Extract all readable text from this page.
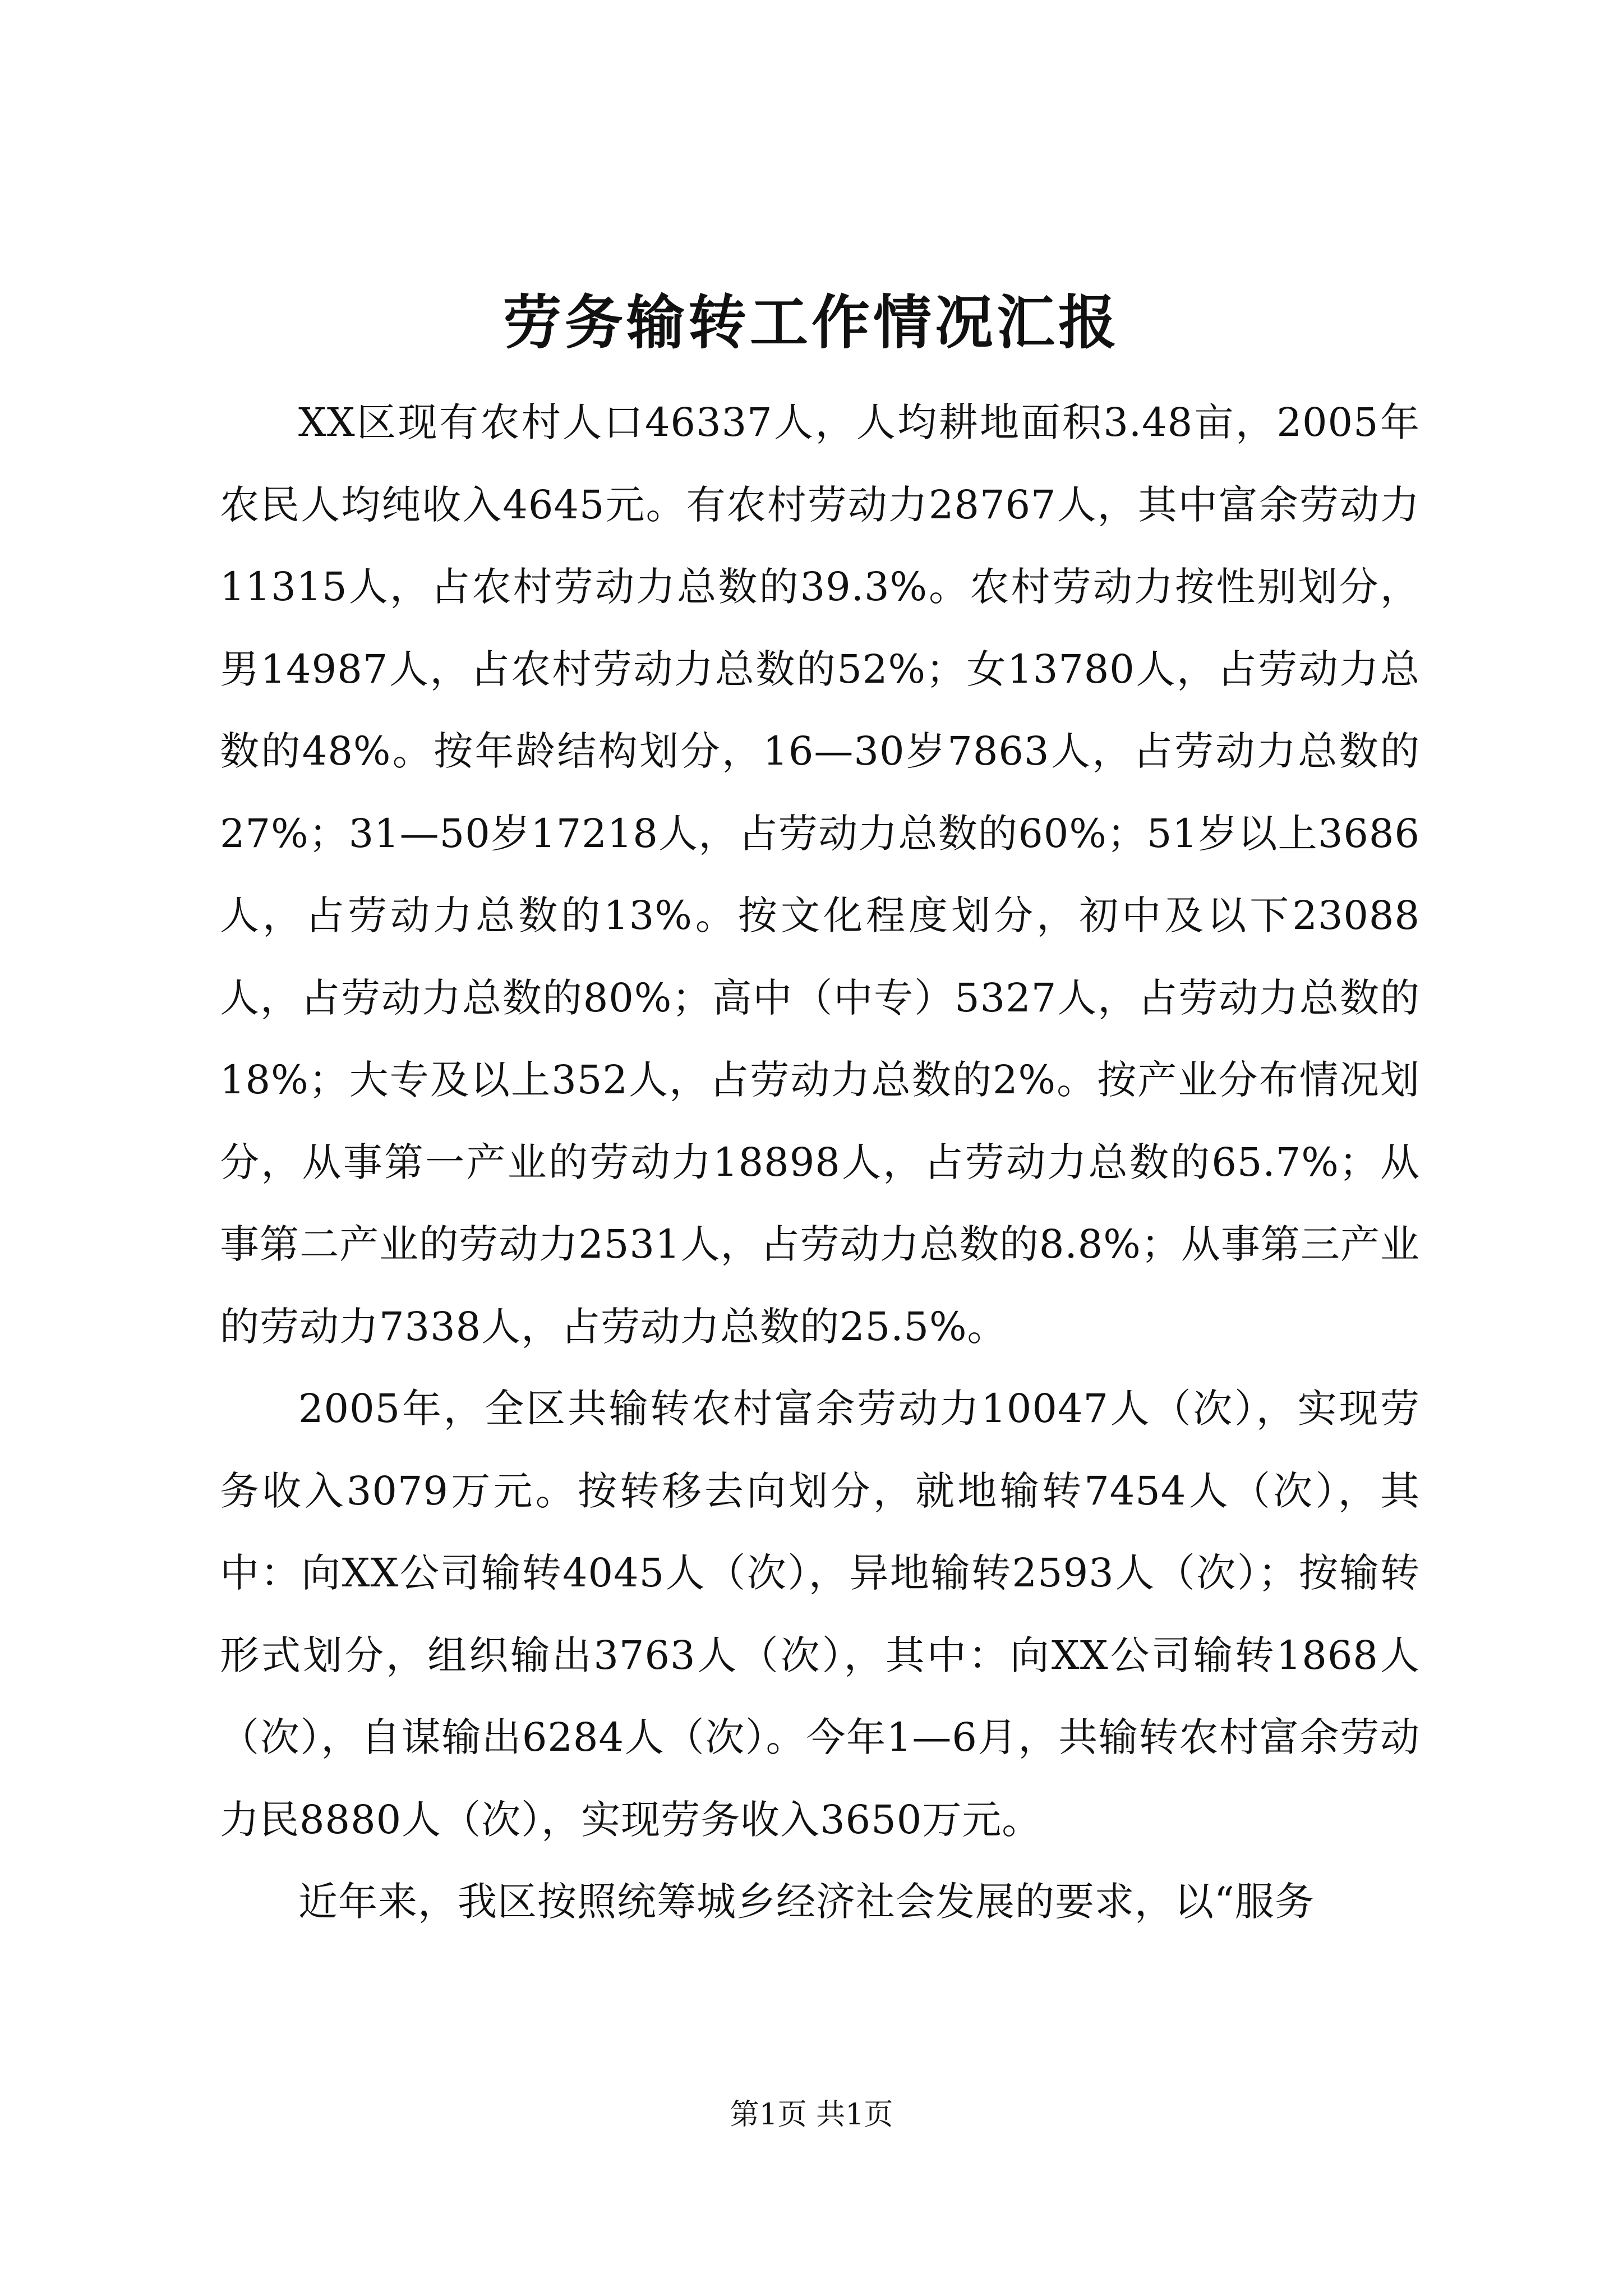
劳务输转工作情况汇报

XX区现有农村人口46337人，人均耕地面积3.48亩，2005年农民人均纯收入4645元。有农村劳动力28767人，其中富余劳动力11315人，占农村劳动力总数的39.3%。农村劳动力按性别划分，男14987人，占农村劳动力总数的52%；女13780人，占劳动力总数的48%。按年龄结构划分，16—30岁7863人，占劳动力总数的27%；31—50岁17218人，占劳动力总数的60%；51岁以上3686人，占劳动力总数的13%。按文化程度划分，初中及以下23088人，占劳动力总数的80%；高中（中专）5327人，占劳动力总数的18%；大专及以上352人，占劳动力总数的2%。按产业分布情况划分，从事第一产业的劳动力18898人，占劳动力总数的65.7%；从事第二产业的劳动力2531人，占劳动力总数的8.8%；从事第三产业的劳动力7338人，占劳动力总数的25.5%。

2005年，全区共输转农村富余劳动力10047人（次），实现劳务收入3079万元。按转移去向划分，就地输转7454人（次），其中：向XX公司输转4045人（次），异地输转2593人（次）；按输转形式划分，组织输出3763人（次），其中：向XX公司输转1868人（次），自谋输出6284人（次）。今年1—6月，共输转农村富余劳动力民8880人（次），实现劳务收入3650万元。

近年来，我区按照统筹城乡经济社会发展的要求，以“服务

第1页 共1页
